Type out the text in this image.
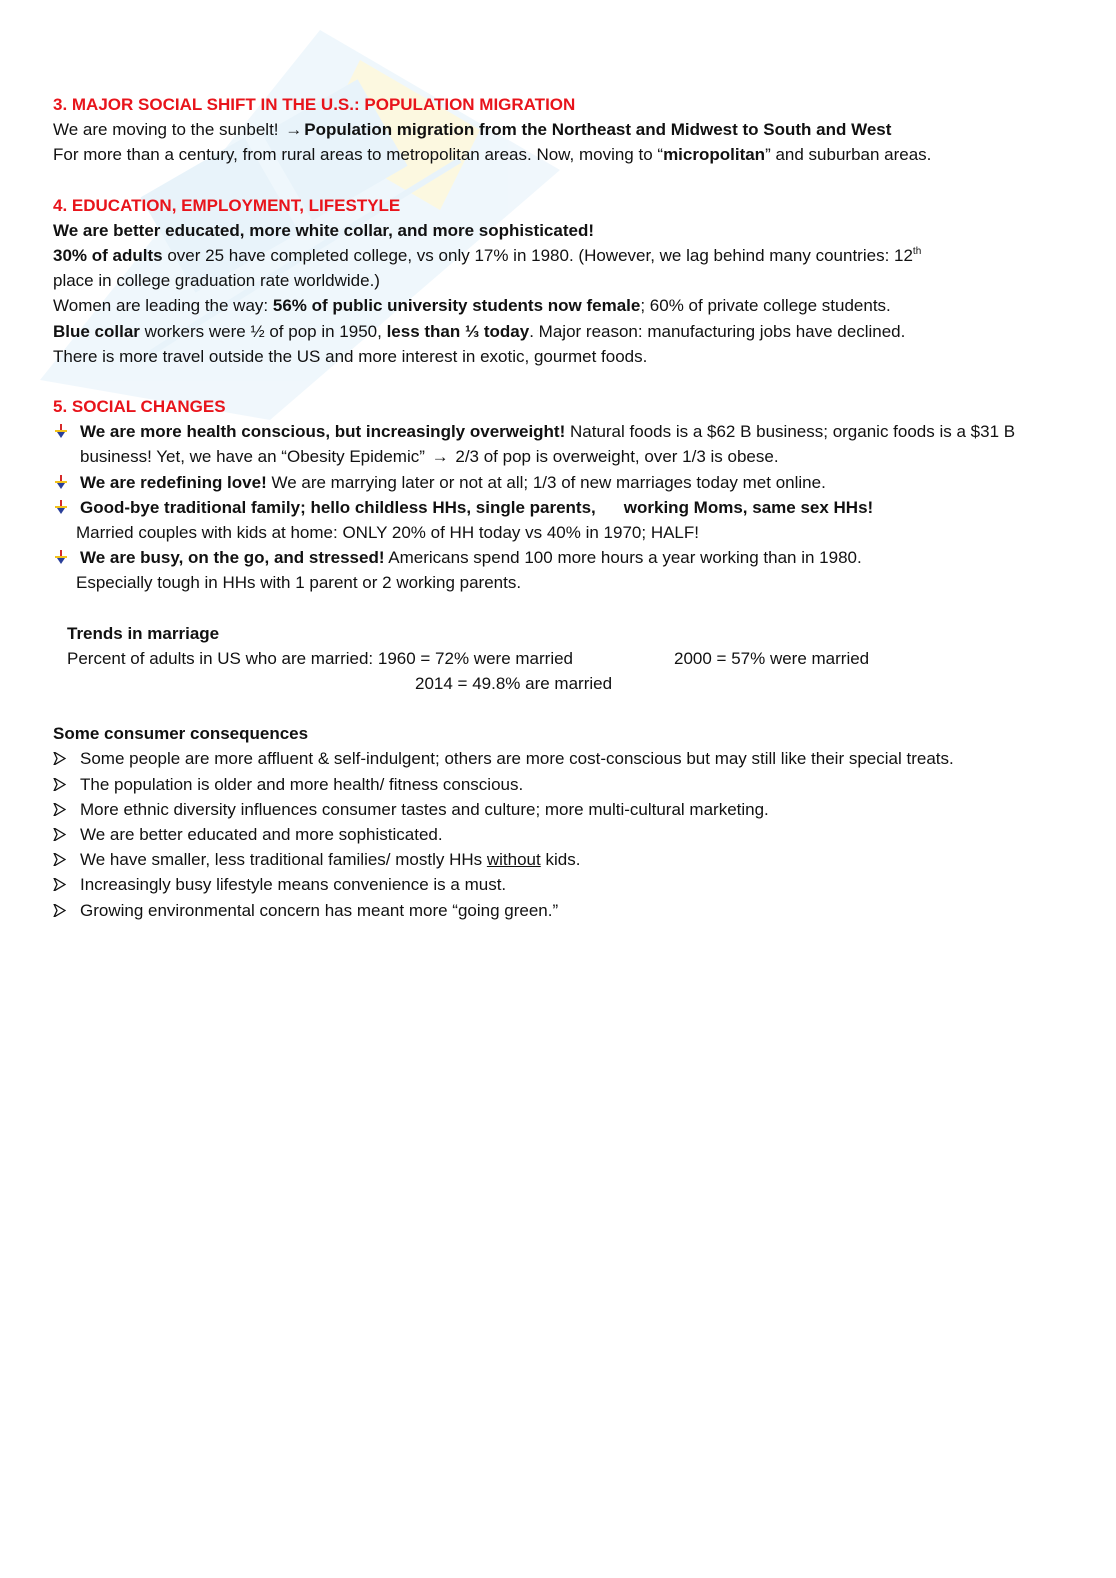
3. MAJOR SOCIAL SHIFT IN THE U.S.: POPULATION MIGRATION
We are moving to the sunbelt! → Population migration from the Northeast and Midwest to South and West
For more than a century, from rural areas to metropolitan areas. Now, moving to “micropolitan” and suburban areas.
4. EDUCATION, EMPLOYMENT, LIFESTYLE
We are better educated, more white collar, and more sophisticated!
30% of adults over 25 have completed college, vs only 17% in 1980. (However, we lag behind many countries: 12th
place in college graduation rate worldwide.)
Women are leading the way: 56% of public university students now female; 60% of private college students.
Blue collar workers were ½ of pop in 1950, less than ⅓ today. Major reason: manufacturing jobs have declined.
There is more travel outside the US and more interest in exotic, gourmet foods.
5. SOCIAL CHANGES
We are more health conscious, but increasingly overweight! Natural foods is a $62 B business; organic foods is a $31 B business! Yet, we have an “Obesity Epidemic” → 2/3 of pop is overweight, over 1/3 is obese.
We are redefining love! We are marrying later or not at all; 1/3 of new marriages today met online.
Good-bye traditional family; hello childless HHs, single parents, working Moms, same sex HHs!
Married couples with kids at home: ONLY 20% of HH today vs 40% in 1970; HALF!
We are busy, on the go, and stressed! Americans spend 100 more hours a year working than in 1980.
Especially tough in HHs with 1 parent or 2 working parents.
Trends in marriage
Percent of adults in US who are married: 1960 = 72% were married	2000 = 57% were married
2014 = 49.8% are married
Some consumer consequences
Some people are more affluent & self-indulgent; others are more cost-conscious but may still like their special treats.
The population is older and more health/ fitness conscious.
More ethnic diversity influences consumer tastes and culture; more multi-cultural marketing.
We are better educated and more sophisticated.
We have smaller, less traditional families/ mostly HHs without kids.
Increasingly busy lifestyle means convenience is a must.
Growing environmental concern has meant more “going green.”
